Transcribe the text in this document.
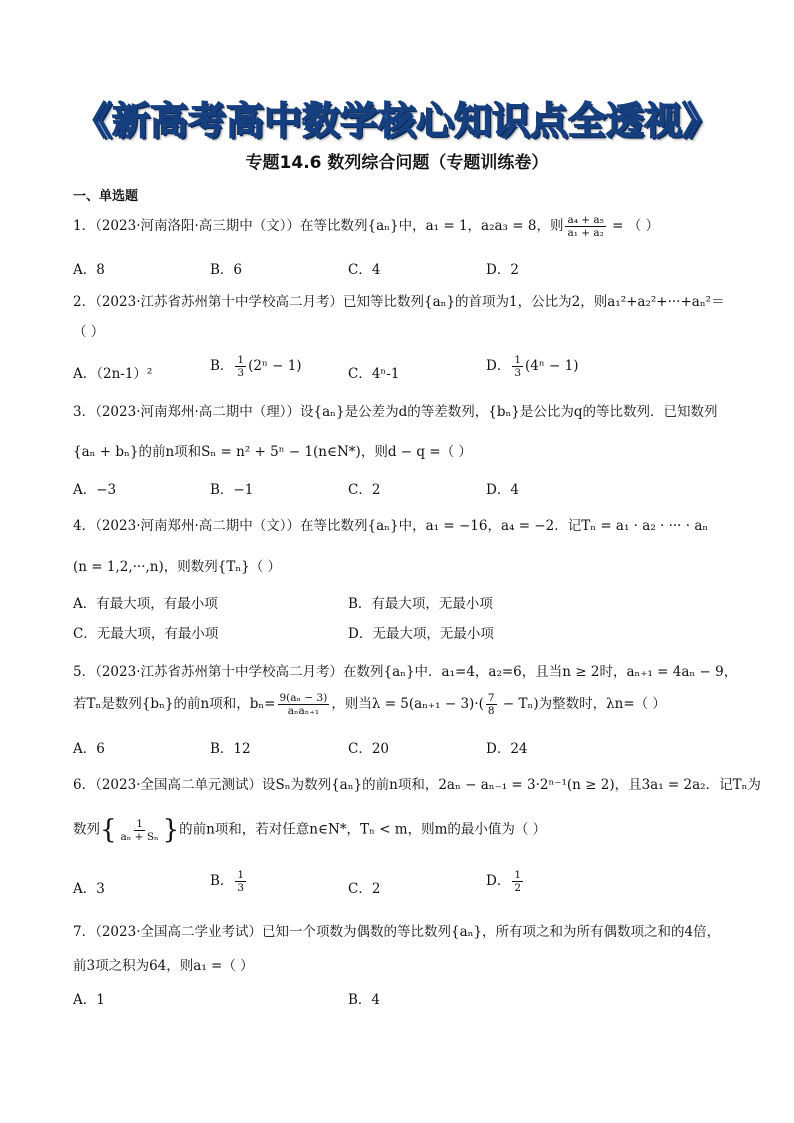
《新高考高中数学核心知识点全透视》
专题14.6 数列综合问题（专题训练卷）
一、单选题
1．（2023·河南洛阳·高三期中（文））在等比数列{aₙ}中，a₁ = 1，a₂a₃ = 8，则 $\frac{\text{a₄ + a₅}}{\text{a₁ + a₂}}$ = （ ）
A．8	B．6	C．4	D．2
2．（2023·江苏省苏州第十中学校高二月考）已知等比数列{aₙ}的首项为1，公比为2，则a₁²+a₂²+···+aₙ²＝
（ ）
A．（2n-1）²	B． $\frac{1}{3} (2^n - 1)$	C．4ⁿ-1	D． $\frac{1}{3} (4^n - 1)$
3．（2023·河南郑州·高二期中（理））设{aₙ}是公差为d的等差数列，{bₙ}是公比为q的等比数列．已知数列
{aₙ + bₙ}的前n项和Sₙ = n² + 5ⁿ − 1(n∈N*)，则d − q =（ ）
A．−3	B．−1	C．2	D．4
4．（2023·河南郑州·高二期中（文））在等比数列{aₙ}中，a₁ = −16，a₄ = −2．记Tₙ = a₁ · a₂ · ··· · aₙ
(n = 1,2,···,n)，则数列{Tₙ}（ ）
A．有最大项，有最小项	B．有最大项，无最小项
C．无最大项，有最小项	D．无最大项，无最小项
5．（2023·江苏省苏州第十中学校高二月考）在数列{aₙ}中．a₁=4，a₂=6，且当n ≥ 2时，aₙ₊₁ = 4aₙ − 9，
若Tₙ是数列{bₙ}的前n项和，$b_n= \frac{\text{9(aₙ − 3)}}{\text{aₙaₙ₊₁}}$ ，则当$\lambda = 5(a_{n+1} - 3)\cdot( \frac{7}{8} - T_n)$为整数时，λn=（ ）
A．6	B．12	C．20	D．24
6．（2023·全国高二单元测试）设Sₙ为数列{aₙ}的前n项和，2aₙ − aₙ₋₁ = 3·2ⁿ⁻¹(n ≥ 2)，且3a₁ = 2a₂．记Tₙ为
数列{ $\frac{1}{\text{aₙ + Sₙ}}$ }的前n项和，若对任意n∈N*，Tₙ < m，则m的最小值为（ ）
A．3	B． $\frac{1}{3}$	C．2	D． $\frac{1}{2}$
7．（2023·全国高二学业考试）已知一个项数为偶数的等比数列{aₙ}，所有项之和为所有偶数项之和的4倍，
前3项之积为64，则a₁ =（ ）
A．1	B．4
